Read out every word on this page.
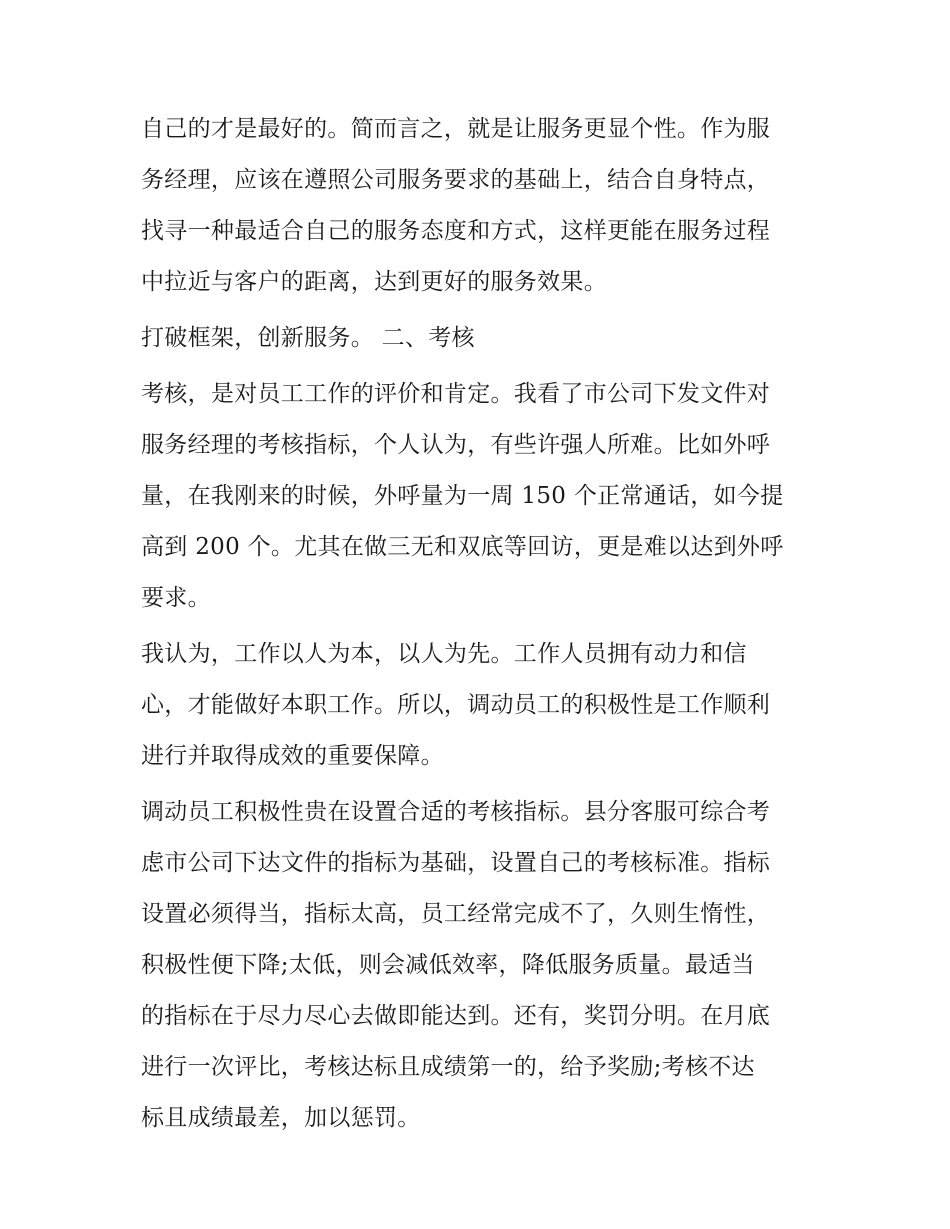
自己的才是最好的。简而言之，就是让服务更显个性。作为服
务经理，应该在遵照公司服务要求的基础上，结合自身特点，
找寻一种最适合自己的服务态度和方式，这样更能在服务过程
中拉近与客户的距离，达到更好的服务效果。

打破框架，创新服务。 二、考核

考核，是对员工工作的评价和肯定。我看了市公司下发文件对
服务经理的考核指标，个人认为，有些许强人所难。比如外呼
量，在我刚来的时候，外呼量为一周 150 个正常通话，如今提
高到 200 个。尤其在做三无和双底等回访，更是难以达到外呼
要求。

我认为，工作以人为本，以人为先。工作人员拥有动力和信
心，才能做好本职工作。所以，调动员工的积极性是工作顺利
进行并取得成效的重要保障。

调动员工积极性贵在设置合适的考核指标。县分客服可综合考
虑市公司下达文件的指标为基础，设置自己的考核标准。指标
设置必须得当，指标太高，员工经常完成不了，久则生惰性，
积极性便下降;太低，则会减低效率，降低服务质量。最适当
的指标在于尽力尽心去做即能达到。还有，奖罚分明。在月底
进行一次评比，考核达标且成绩第一的，给予奖励;考核不达
标且成绩最差，加以惩罚。
